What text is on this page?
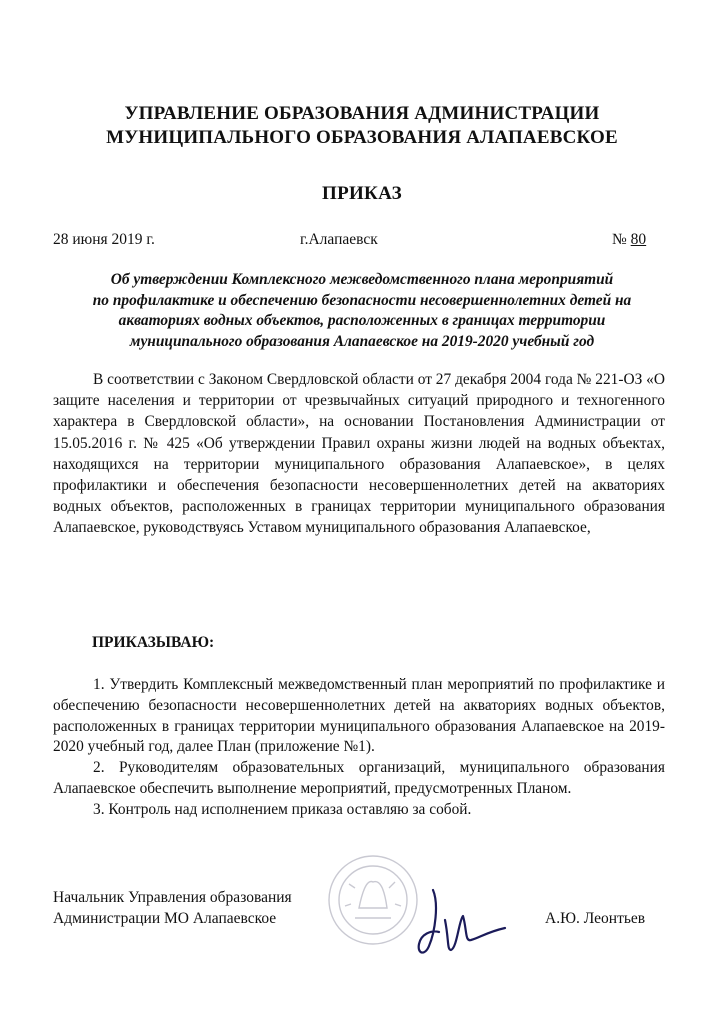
УПРАВЛЕНИЕ ОБРАЗОВАНИЯ АДМИНИСТРАЦИИ
МУНИЦИПАЛЬНОГО ОБРАЗОВАНИЯ АЛАПАЕВСКОЕ
ПРИКАЗ
28 июня 2019 г.	г.Алапаевск	№ 80
Об утверждении Комплексного межведомственного плана мероприятий
по профилактике и обеспечению безопасности несовершеннолетних детей на
акваториях водных объектов, расположенных в границах территории
муниципального образования Алапаевское на 2019-2020 учебный год

В соответствии с Законом Свердловской области от 27 декабря 2004 года № 221-ОЗ «О защите населения и территории от чрезвычайных ситуаций природного и техногенного характера в Свердловской области», на основании Постановления Администрации от 15.05.2016 г. № 425 «Об утверждении Правил охраны жизни людей на водных объектах, находящихся на территории муниципального образования Алапаевское», в целях профилактики и обеспечения безопасности несовершеннолетних детей на акваториях водных объектов, расположенных в границах территории муниципального образования Алапаевское, руководствуясь Уставом муниципального образования Алапаевское,

ПРИКАЗЫВАЮ:

1. Утвердить Комплексный межведомственный план мероприятий по профилактике и обеспечению безопасности несовершеннолетних детей на акваториях водных объектов, расположенных в границах территории муниципального образования Алапаевское на 2019-2020 учебный год, далее План (приложение №1).

2. Руководителям образовательных организаций, муниципального образования Алапаевское обеспечить выполнение мероприятий, предусмотренных Планом.

3. Контроль над исполнением приказа оставляю за собой.

Начальник Управления образования
Администрации МО Алапаевское	А.Ю. Леонтьев
